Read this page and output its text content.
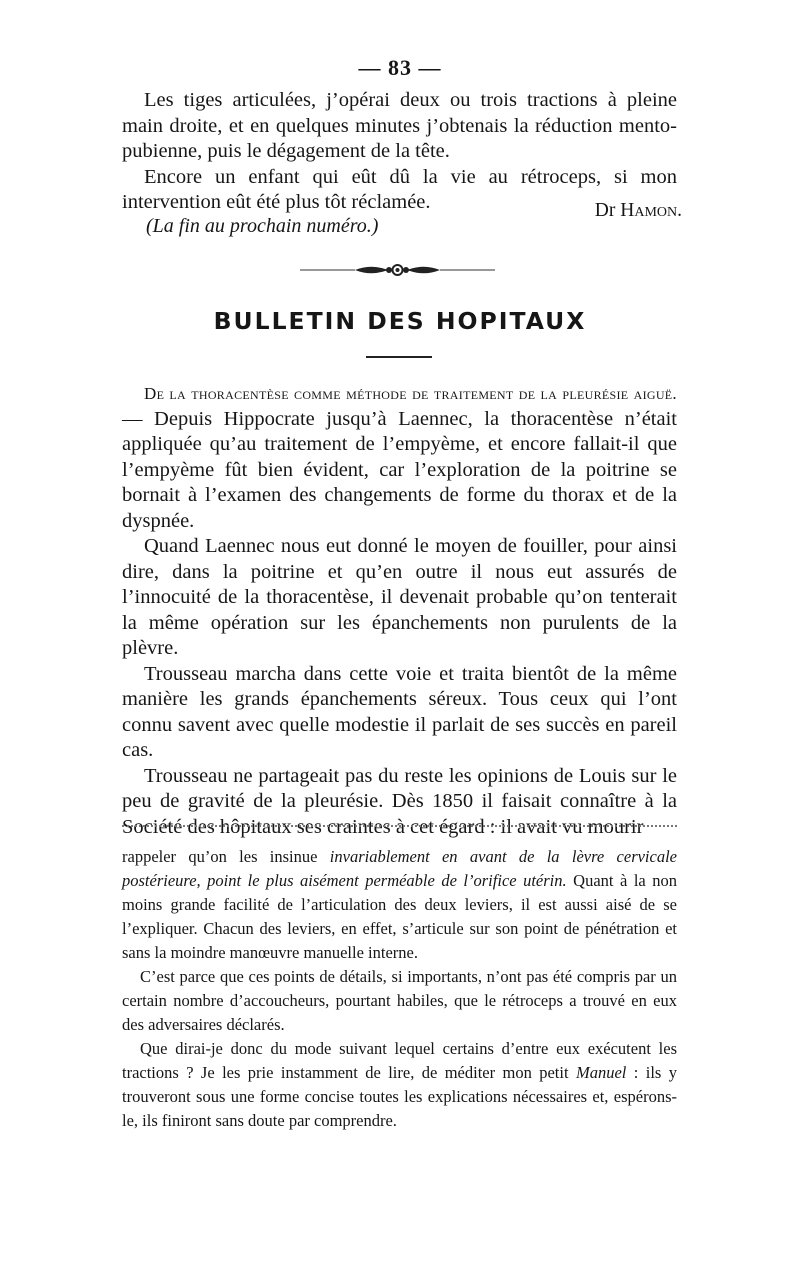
— 83 —

Les tiges articulées, j’opérai deux ou trois tractions à pleine main droite, et en quelques minutes j’obtenais la réduction mento-pubienne, puis le dégagement de la tête.

Encore un enfant qui eût dû la vie au rétroceps, si mon intervention eût été plus tôt réclamée.	Dr Hamon.
(La fin au prochain numéro.)
BULLETIN DES HOPITAUX

De la thoracentèse comme méthode de traitement de la pleurésie aiguë. — Depuis Hippocrate jusqu’à Laennec, la thoracentèse n’était appliquée qu’au traitement de l’empyème, et encore fallait-il que l’empyème fût bien évident, car l’exploration de la poitrine se bornait à l’examen des changements de forme du thorax et de la dyspnée.

Quand Laennec nous eut donné le moyen de fouiller, pour ainsi dire, dans la poitrine et qu’en outre il nous eut assurés de l’innocuité de la thoracentèse, il devenait probable qu’on tenterait la même opération sur les épanchements non purulents de la plèvre.

Trousseau marcha dans cette voie et traita bientôt de la même manière les grands épanchements séreux. Tous ceux qui l’ont connu savent avec quelle modestie il parlait de ses succès en pareil cas.

Trousseau ne partageait pas du reste les opinions de Louis sur le peu de gravité de la pleurésie. Dès 1850 il faisait connaître à la Société des hôpitaux ses craintes à cet égard : il avait vu mourir

rappeler qu’on les insinue invariablement en avant de la lèvre cervicale postérieure, point le plus aisément perméable de l’orifice utérin. Quant à la non moins grande facilité de l’articulation des deux leviers, il est aussi aisé de se l’expliquer. Chacun des leviers, en effet, s’articule sur son point de pénétration et sans la moindre manœuvre manuelle interne.

C’est parce que ces points de détails, si importants, n’ont pas été compris par un certain nombre d’accoucheurs, pourtant habiles, que le rétroceps a trouvé en eux des adversaires déclarés.

Que dirai-je donc du mode suivant lequel certains d’entre eux exécutent les tractions ? Je les prie instamment de lire, de méditer mon petit Manuel : ils y trouveront sous une forme concise toutes les explications nécessaires et, espérons-le, ils finiront sans doute par comprendre.
